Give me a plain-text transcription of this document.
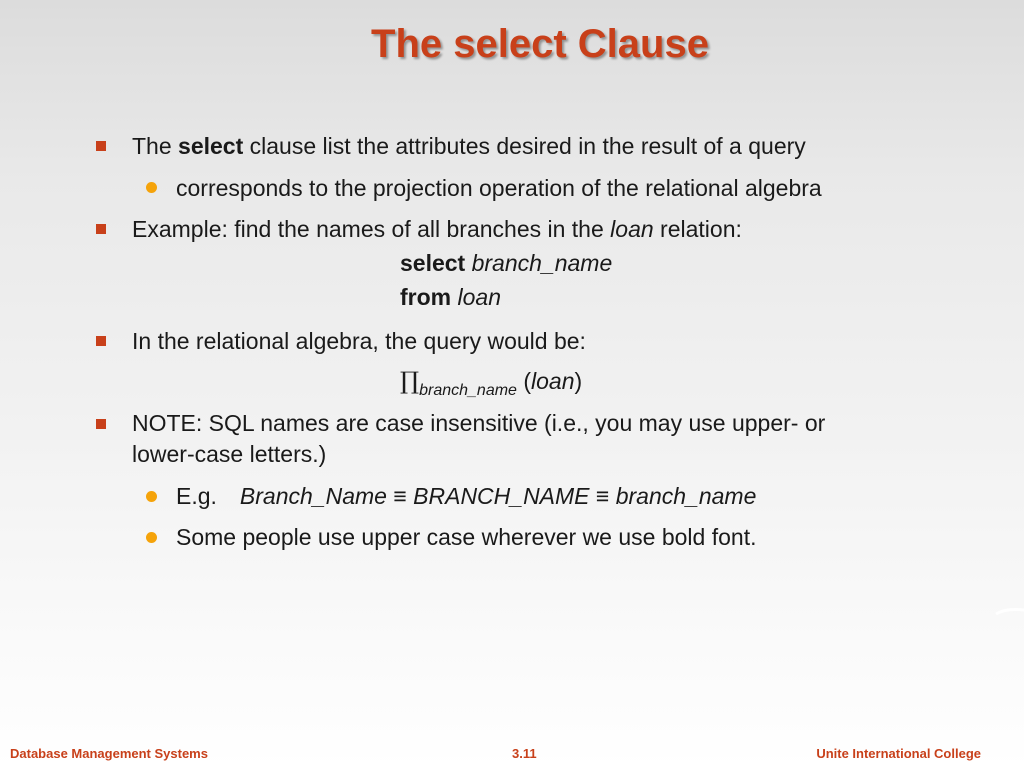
The select Clause
The select clause list the attributes desired in the result of a query
corresponds to the projection operation of the relational algebra
Example: find the names of all branches in the loan relation:
select branch_name
from loan
In the relational algebra, the query would be:
$\prod_{branch\_name}$ (loan)
NOTE: SQL names are case insensitive (i.e., you may use upper- or
lower-case letters.)
E.g. Branch_Name ≡ BRANCH_NAME ≡ branch_name
Some people use upper case wherever we use bold font.
Database Management Systems	3.11	Unite International College
